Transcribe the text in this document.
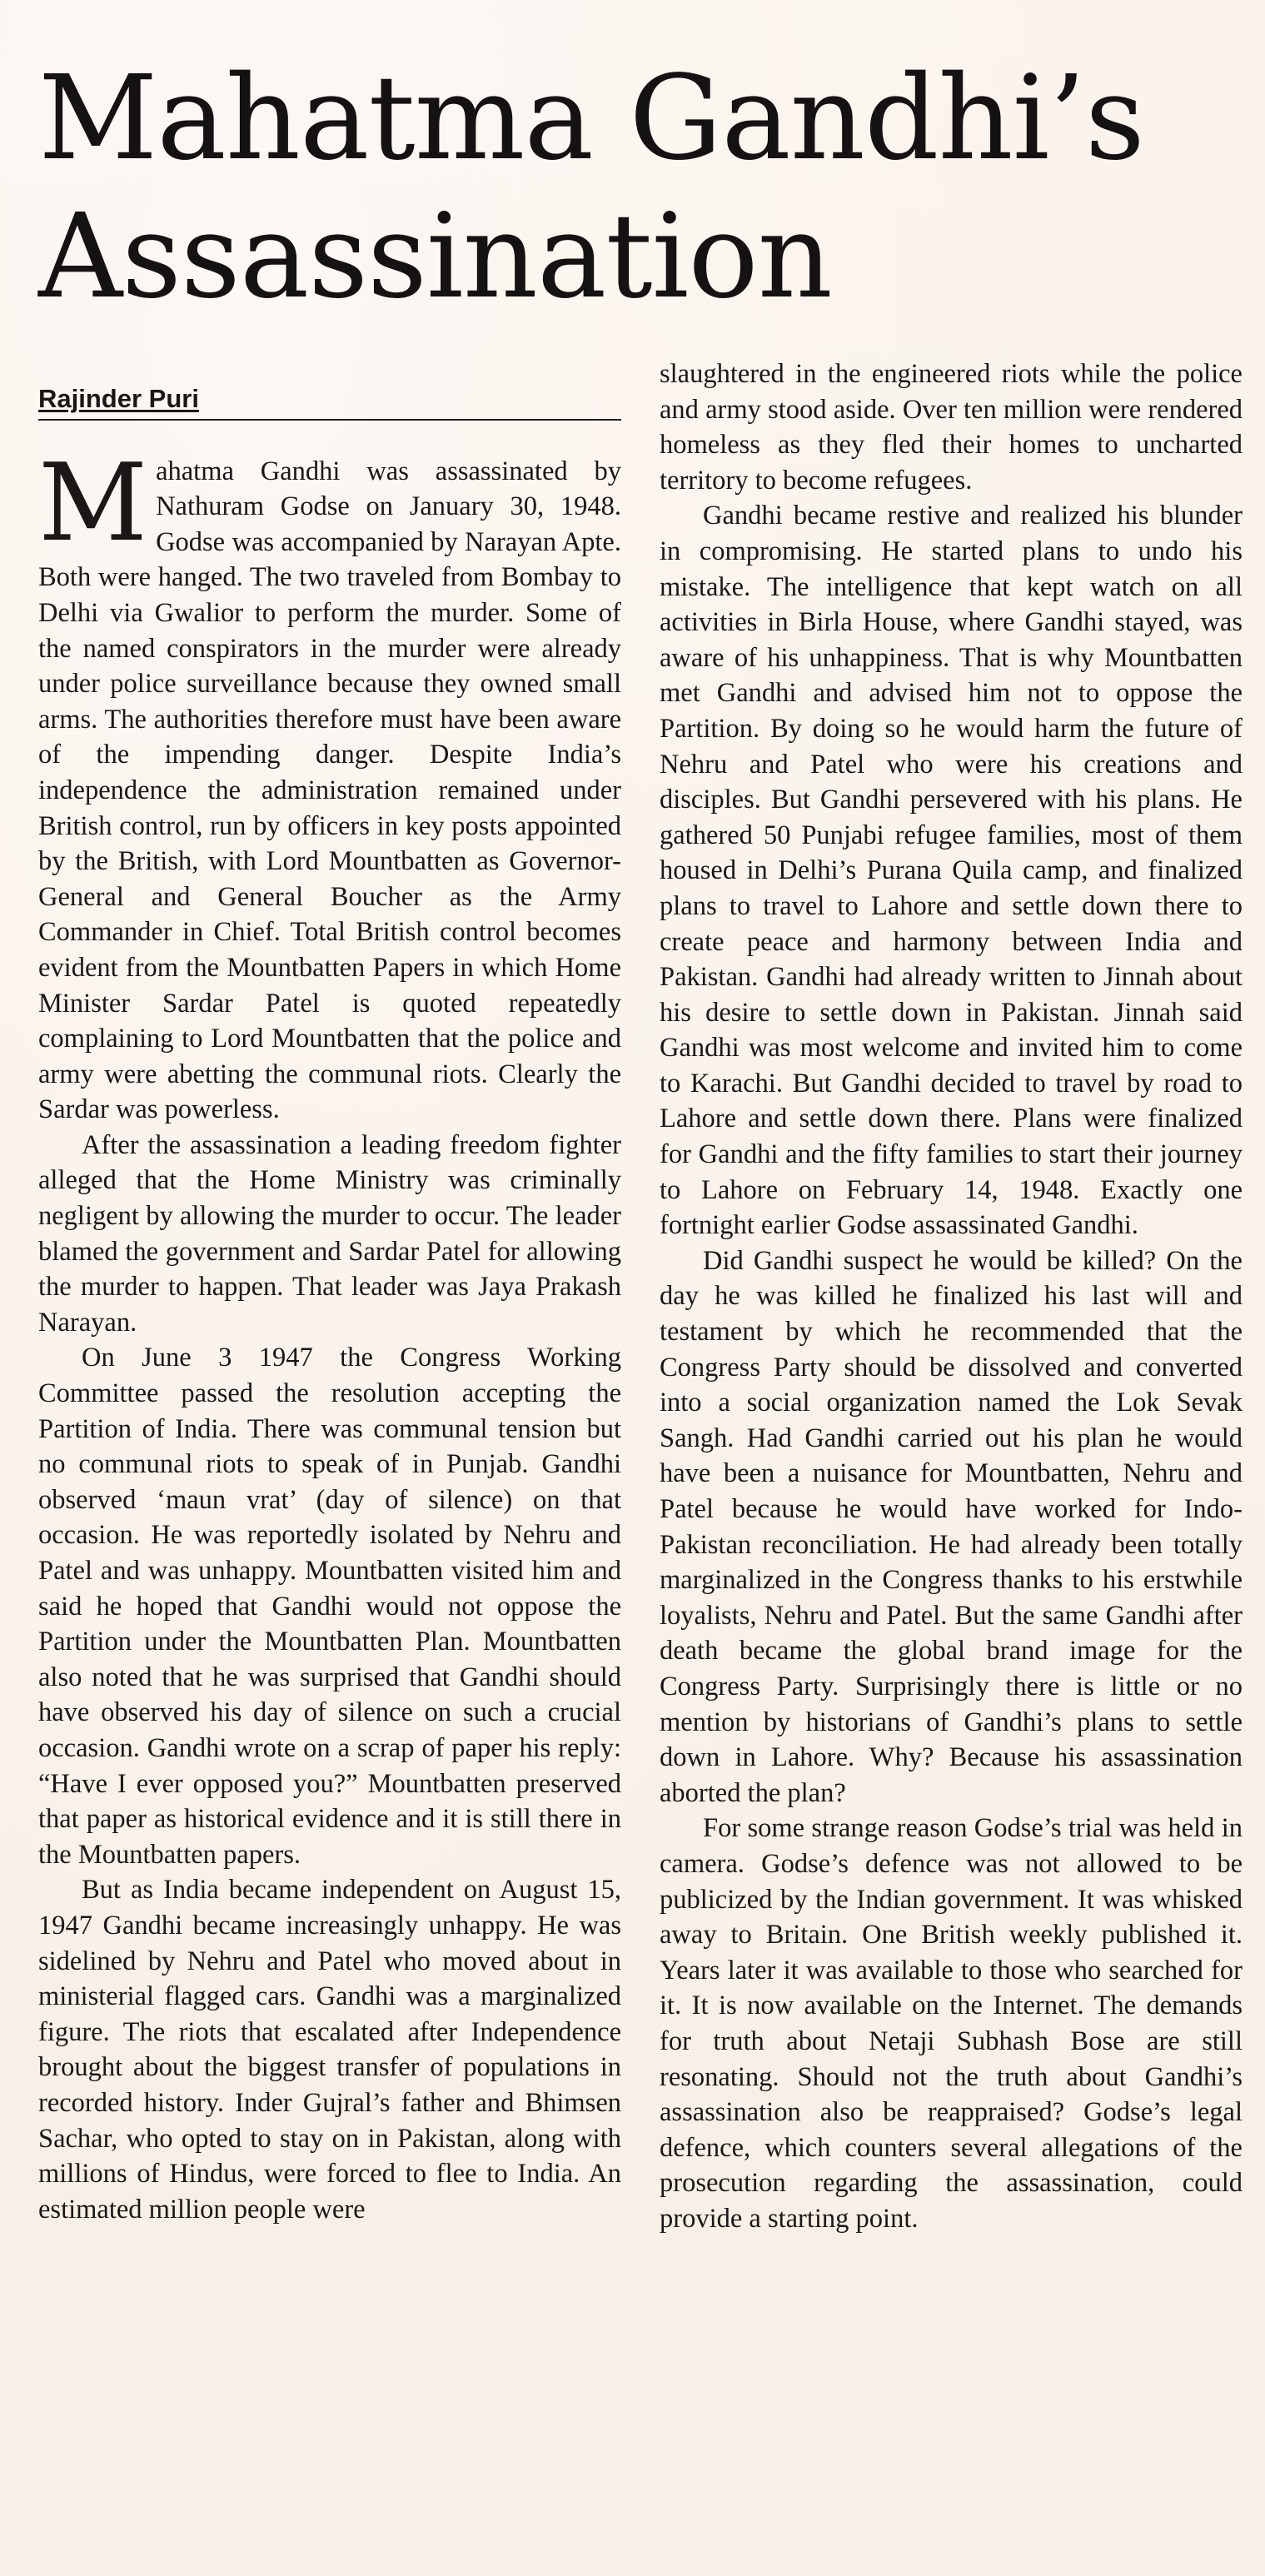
Mahatma Gandhi’s
Assassination
Rajinder Puri

Mahatma Gandhi was assassinated by Nathuram Godse on January 30, 1948. Godse was accompanied by Narayan Apte. Both were hanged. The two traveled from Bombay to Delhi via Gwalior to perform the murder. Some of the named conspirators in the murder were already under police surveillance because they owned small arms. The authorities therefore must have been aware of the impending danger. Despite India’s independence the administration remained under British control, run by officers in key posts appointed by the British, with Lord Mountbatten as Governor-General and General Boucher as the Army Commander in Chief. Total British control becomes evident from the Mountbatten Papers in which Home Minister Sardar Patel is quoted repeatedly complaining to Lord Mountbatten that the police and army were abetting the communal riots. Clearly the Sardar was powerless.

After the assassination a leading freedom fighter alleged that the Home Ministry was criminally negligent by allowing the murder to occur. The leader blamed the government and Sardar Patel for allowing the murder to happen. That leader was Jaya Prakash Narayan.

On June 3 1947 the Congress Working Committee passed the resolution accepting the Partition of India. There was communal tension but no communal riots to speak of in Punjab. Gandhi observed ‘maun vrat’ (day of silence) on that occasion. He was reportedly isolated by Nehru and Patel and was unhappy. Mountbatten visited him and said he hoped that Gandhi would not oppose the Partition under the Mountbatten Plan. Mountbatten also noted that he was surprised that Gandhi should have observed his day of silence on such a crucial occasion. Gandhi wrote on a scrap of paper his reply: “Have I ever opposed you?” Mountbatten preserved that paper as historical evidence and it is still there in the Mountbatten papers.

But as India became independent on August 15, 1947 Gandhi became increasingly unhappy. He was sidelined by Nehru and Patel who moved about in ministerial flagged cars. Gandhi was a marginalized figure. The riots that escalated after Independence brought about the biggest transfer of populations in recorded history. Inder Gujral’s father and Bhimsen Sachar, who opted to stay on in Pakistan, along with millions of Hindus, were forced to flee to India. An estimated million people were

slaughtered in the engineered riots while the police and army stood aside. Over ten million were rendered homeless as they fled their homes to uncharted territory to become refugees.

Gandhi became restive and realized his blunder in compromising. He started plans to undo his mistake. The intelligence that kept watch on all activities in Birla House, where Gandhi stayed, was aware of his unhappiness. That is why Mountbatten met Gandhi and advised him not to oppose the Partition. By doing so he would harm the future of Nehru and Patel who were his creations and disciples. But Gandhi persevered with his plans. He gathered 50 Punjabi refugee families, most of them housed in Delhi’s Purana Quila camp, and finalized plans to travel to Lahore and settle down there to create peace and harmony between India and Pakistan. Gandhi had already written to Jinnah about his desire to settle down in Pakistan. Jinnah said Gandhi was most welcome and invited him to come to Karachi. But Gandhi decided to travel by road to Lahore and settle down there. Plans were finalized for Gandhi and the fifty families to start their journey to Lahore on February 14, 1948. Exactly one fortnight earlier Godse assassinated Gandhi.

Did Gandhi suspect he would be killed? On the day he was killed he finalized his last will and testament by which he recommended that the Congress Party should be dissolved and converted into a social organization named the Lok Sevak Sangh. Had Gandhi carried out his plan he would have been a nuisance for Mountbatten, Nehru and Patel because he would have worked for Indo-Pakistan reconciliation. He had already been totally marginalized in the Congress thanks to his erstwhile loyalists, Nehru and Patel. But the same Gandhi after death became the global brand image for the Congress Party. Surprisingly there is little or no mention by historians of Gandhi’s plans to settle down in Lahore. Why? Because his assassination aborted the plan?

For some strange reason Godse’s trial was held in camera. Godse’s defence was not allowed to be publicized by the Indian government. It was whisked away to Britain. One British weekly published it. Years later it was available to those who searched for it. It is now available on the Internet. The demands for truth about Netaji Subhash Bose are still resonating. Should not the truth about Gandhi’s assassination also be reappraised? Godse’s legal defence, which counters several allegations of the prosecution regarding the assassination, could provide a starting point.
